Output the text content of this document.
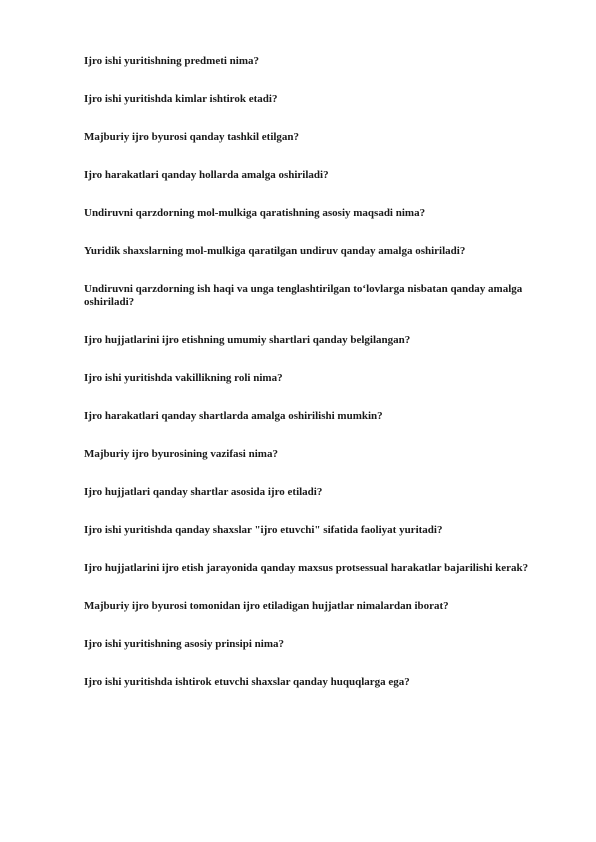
Ijro ishi yuritishning predmeti nima?
Ijro ishi yuritishda kimlar ishtirok etadi?
Majburiy ijro byurosi qanday tashkil etilgan?
Ijro harakatlari qanday hollarda amalga oshiriladi?
Undiruvni qarzdorning mol-mulkiga qaratishning asosiy maqsadi nima?
Yuridik shaxslarning mol-mulkiga qaratilgan undiruv qanday amalga oshiriladi?
Undiruvni qarzdorning ish haqi va unga tenglashtirilgan to‘lovlarga nisbatan qanday amalga oshiriladi?
Ijro hujjatlarini ijro etishning umumiy shartlari qanday belgilangan?
Ijro ishi yuritishda vakillikning roli nima?
Ijro harakatlari qanday shartlarda amalga oshirilishi mumkin?
Majburiy ijro byurosining vazifasi nima?
Ijro hujjatlari qanday shartlar asosida ijro etiladi?
Ijro ishi yuritishda qanday shaxslar "ijro etuvchi" sifatida faoliyat yuritadi?
Ijro hujjatlarini ijro etish jarayonida qanday maxsus protsessual harakatlar bajarilishi kerak?
Majburiy ijro byurosi tomonidan ijro etiladigan hujjatlar nimalardan iborat?
Ijro ishi yuritishning asosiy prinsipi nima?
Ijro ishi yuritishda ishtirok etuvchi shaxslar qanday huquqlarga ega?
